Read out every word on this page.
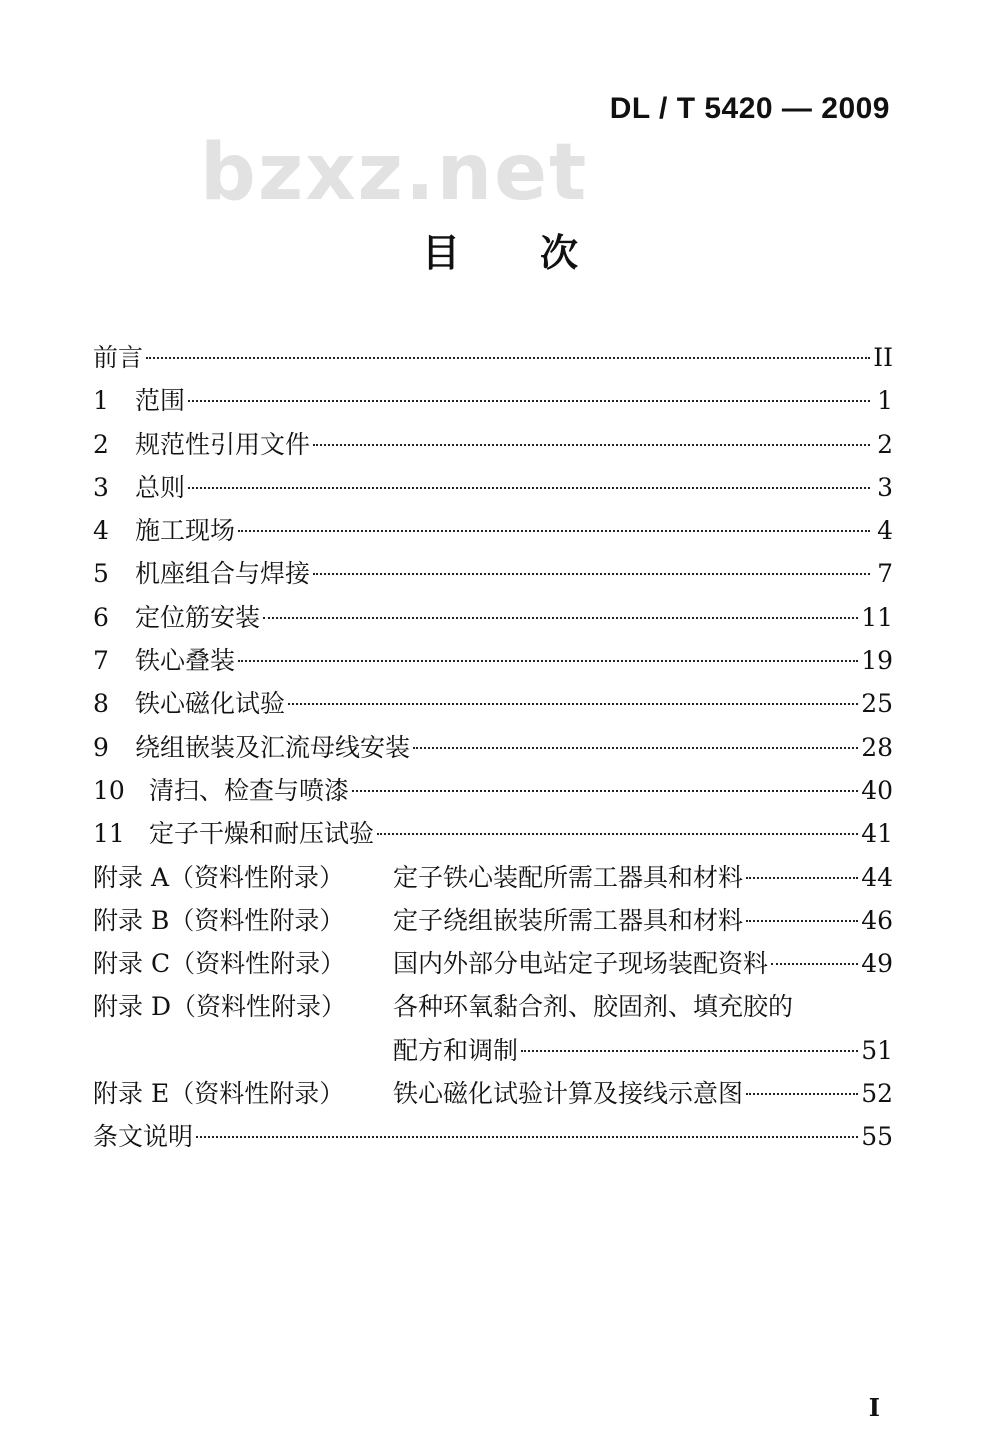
DL / T 5420 — 2009
bzxz.net
目次
前言	II
1	范围	1
2	规范性引用文件	2
3	总则	3
4	施工现场	4
5	机座组合与焊接	7
6	定位筋安装	11
7	铁心叠装	19
8	铁心磁化试验	25
9	绕组嵌装及汇流母线安装	28
10 清扫、检查与喷漆	40
11 定子干燥和耐压试验	41
附录 A（资料性附录）	定子铁心装配所需工器具和材料	44
附录 B（资料性附录）	定子绕组嵌装所需工器具和材料	46
附录 C（资料性附录）	国内外部分电站定子现场装配资料	49
附录 D（资料性附录）	各种环氧黏合剂、胶固剂、填充胶的
配方和调制	51
附录 E（资料性附录）	铁心磁化试验计算及接线示意图	52
条文说明	55
I
